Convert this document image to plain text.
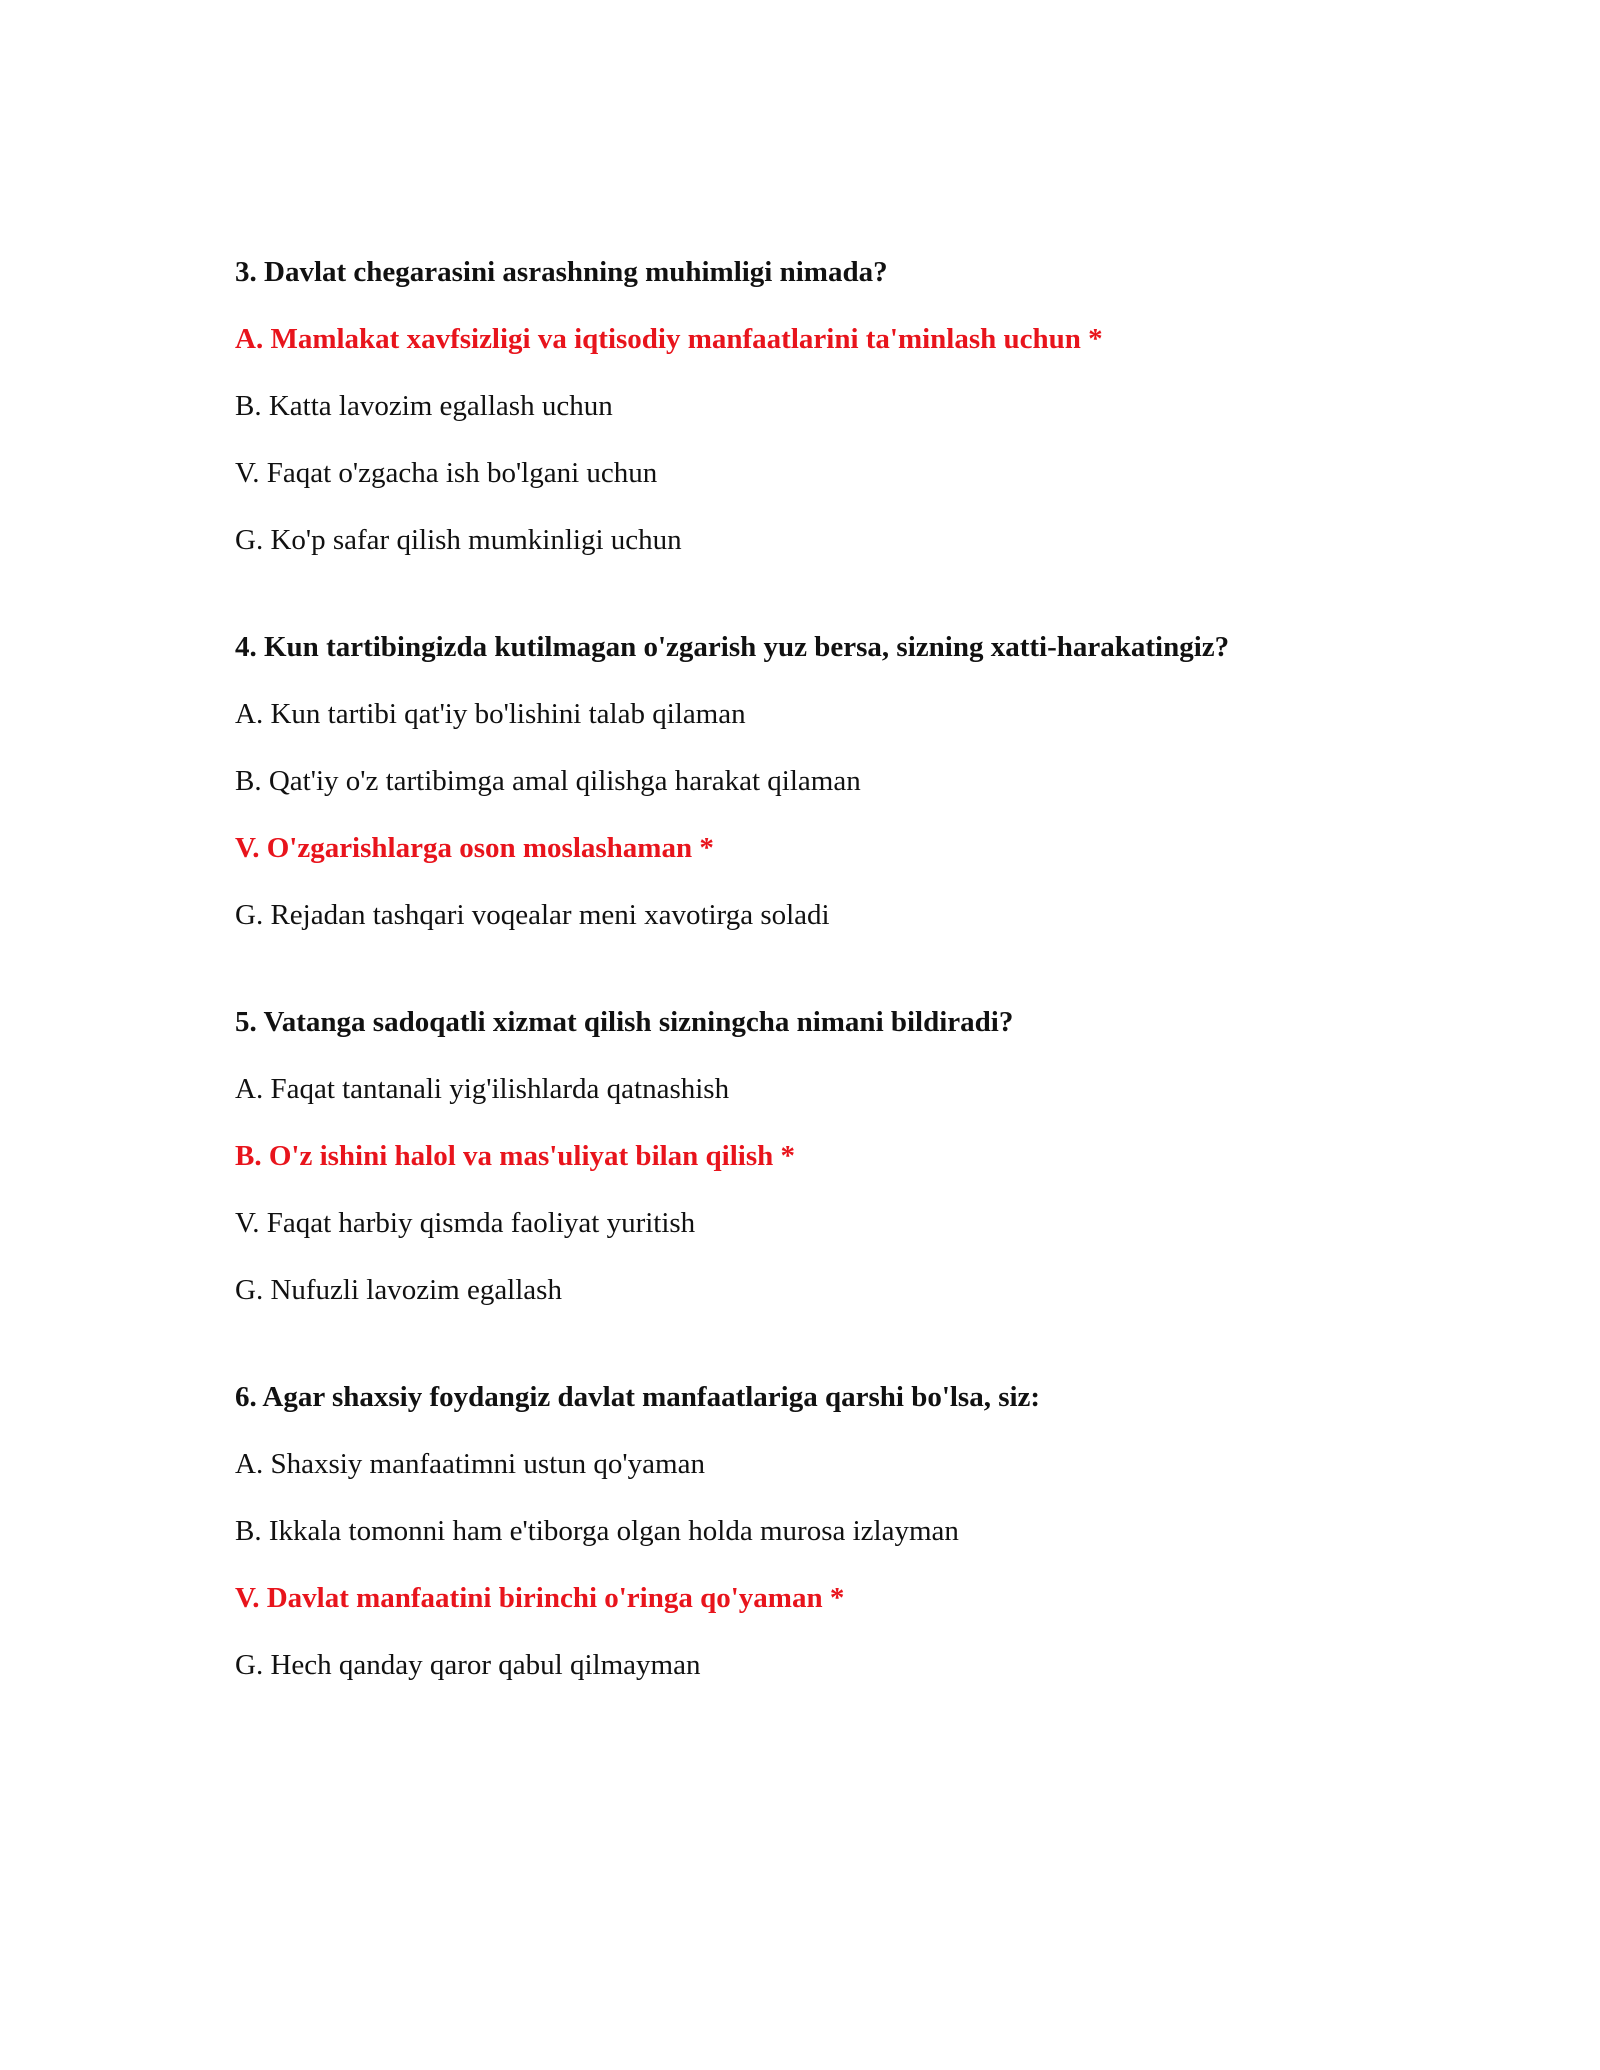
3. Davlat chegarasini asrashning muhimligi nimada?
A. Mamlakat xavfsizligi va iqtisodiy manfaatlarini ta'minlash uchun *
B. Katta lavozim egallash uchun
V. Faqat o'zgacha ish bo'lgani uchun
G. Ko'p safar qilish mumkinligi uchun
4. Kun tartibingizda kutilmagan o'zgarish yuz bersa, sizning xatti-harakatingiz?
A. Kun tartibi qat'iy bo'lishini talab qilaman
B. Qat'iy o'z tartibimga amal qilishga harakat qilaman
V. O'zgarishlarga oson moslashaman *
G. Rejadan tashqari voqealar meni xavotirga soladi
5. Vatanga sadoqatli xizmat qilish sizningcha nimani bildiradi?
A. Faqat tantanali yig'ilishlarda qatnashish
B. O'z ishini halol va mas'uliyat bilan qilish *
V. Faqat harbiy qismda faoliyat yuritish
G. Nufuzli lavozim egallash
6. Agar shaxsiy foydangiz davlat manfaatlariga qarshi bo'lsa, siz:
A. Shaxsiy manfaatimni ustun qo'yaman
B. Ikkala tomonni ham e'tiborga olgan holda murosa izlayman
V. Davlat manfaatini birinchi o'ringa qo'yaman *
G. Hech qanday qaror qabul qilmayman
